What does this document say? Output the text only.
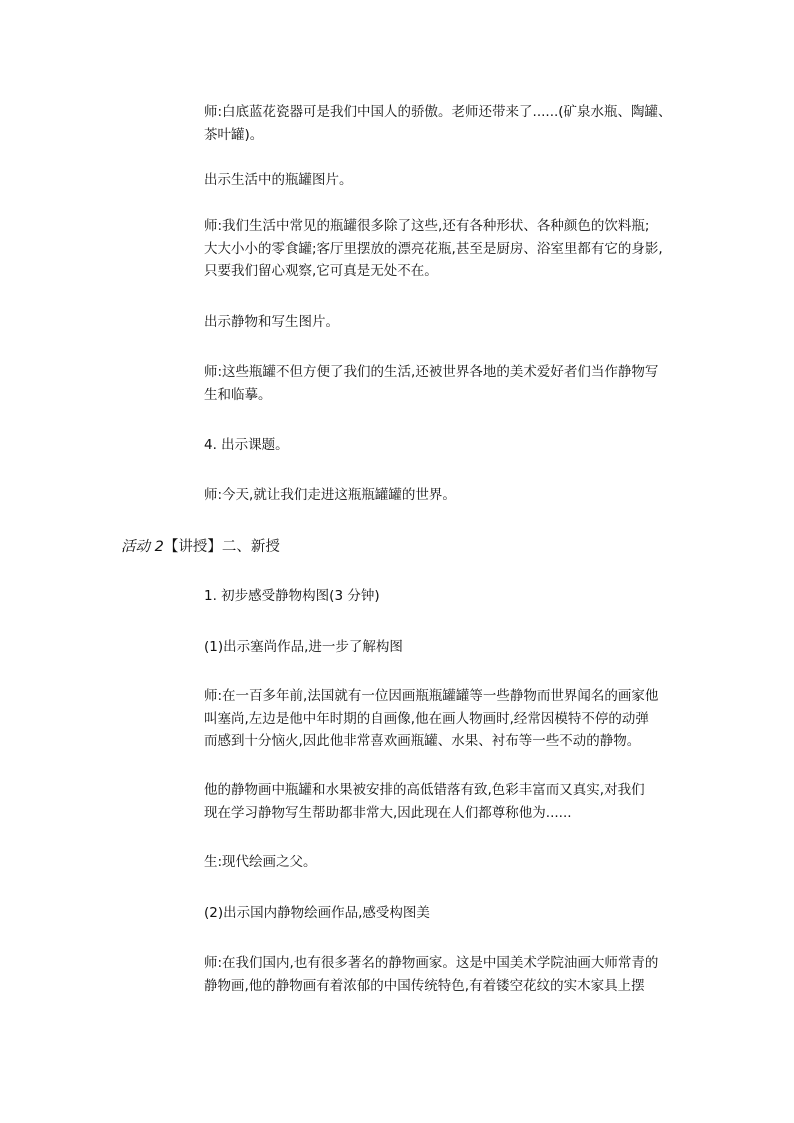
师:白底蓝花瓷器可是我们中国人的骄傲。老师还带来了......(矿泉水瓶、陶罐、
茶叶罐)。
出示生活中的瓶罐图片。
师:我们生活中常见的瓶罐很多除了这些,还有各种形状、各种颜色的饮料瓶;
大大小小的零食罐;客厅里摆放的漂亮花瓶,甚至是厨房、浴室里都有它的身影,
只要我们留心观察,它可真是无处不在。
出示静物和写生图片。
师:这些瓶罐不但方便了我们的生活,还被世界各地的美术爱好者们当作静物写
生和临摹。
4. 出示课题。
师:今天,就让我们走进这瓶瓶罐罐的世界。
活动 2【讲授】二、新授
1. 初步感受静物构图(3 分钟)
(1)出示塞尚作品,进一步了解构图
师:在一百多年前,法国就有一位因画瓶瓶罐罐等一些静物而世界闻名的画家他
叫塞尚,左边是他中年时期的自画像,他在画人物画时,经常因模特不停的动弹
而感到十分恼火,因此他非常喜欢画瓶罐、水果、衬布等一些不动的静物。
他的静物画中瓶罐和水果被安排的高低错落有致,色彩丰富而又真实,对我们
现在学习静物写生帮助都非常大,因此现在人们都尊称他为......
生:现代绘画之父。
(2)出示国内静物绘画作品,感受构图美
师:在我们国内,也有很多著名的静物画家。这是中国美术学院油画大师常青的
静物画,他的静物画有着浓郁的中国传统特色,有着镂空花纹的实木家具上摆
